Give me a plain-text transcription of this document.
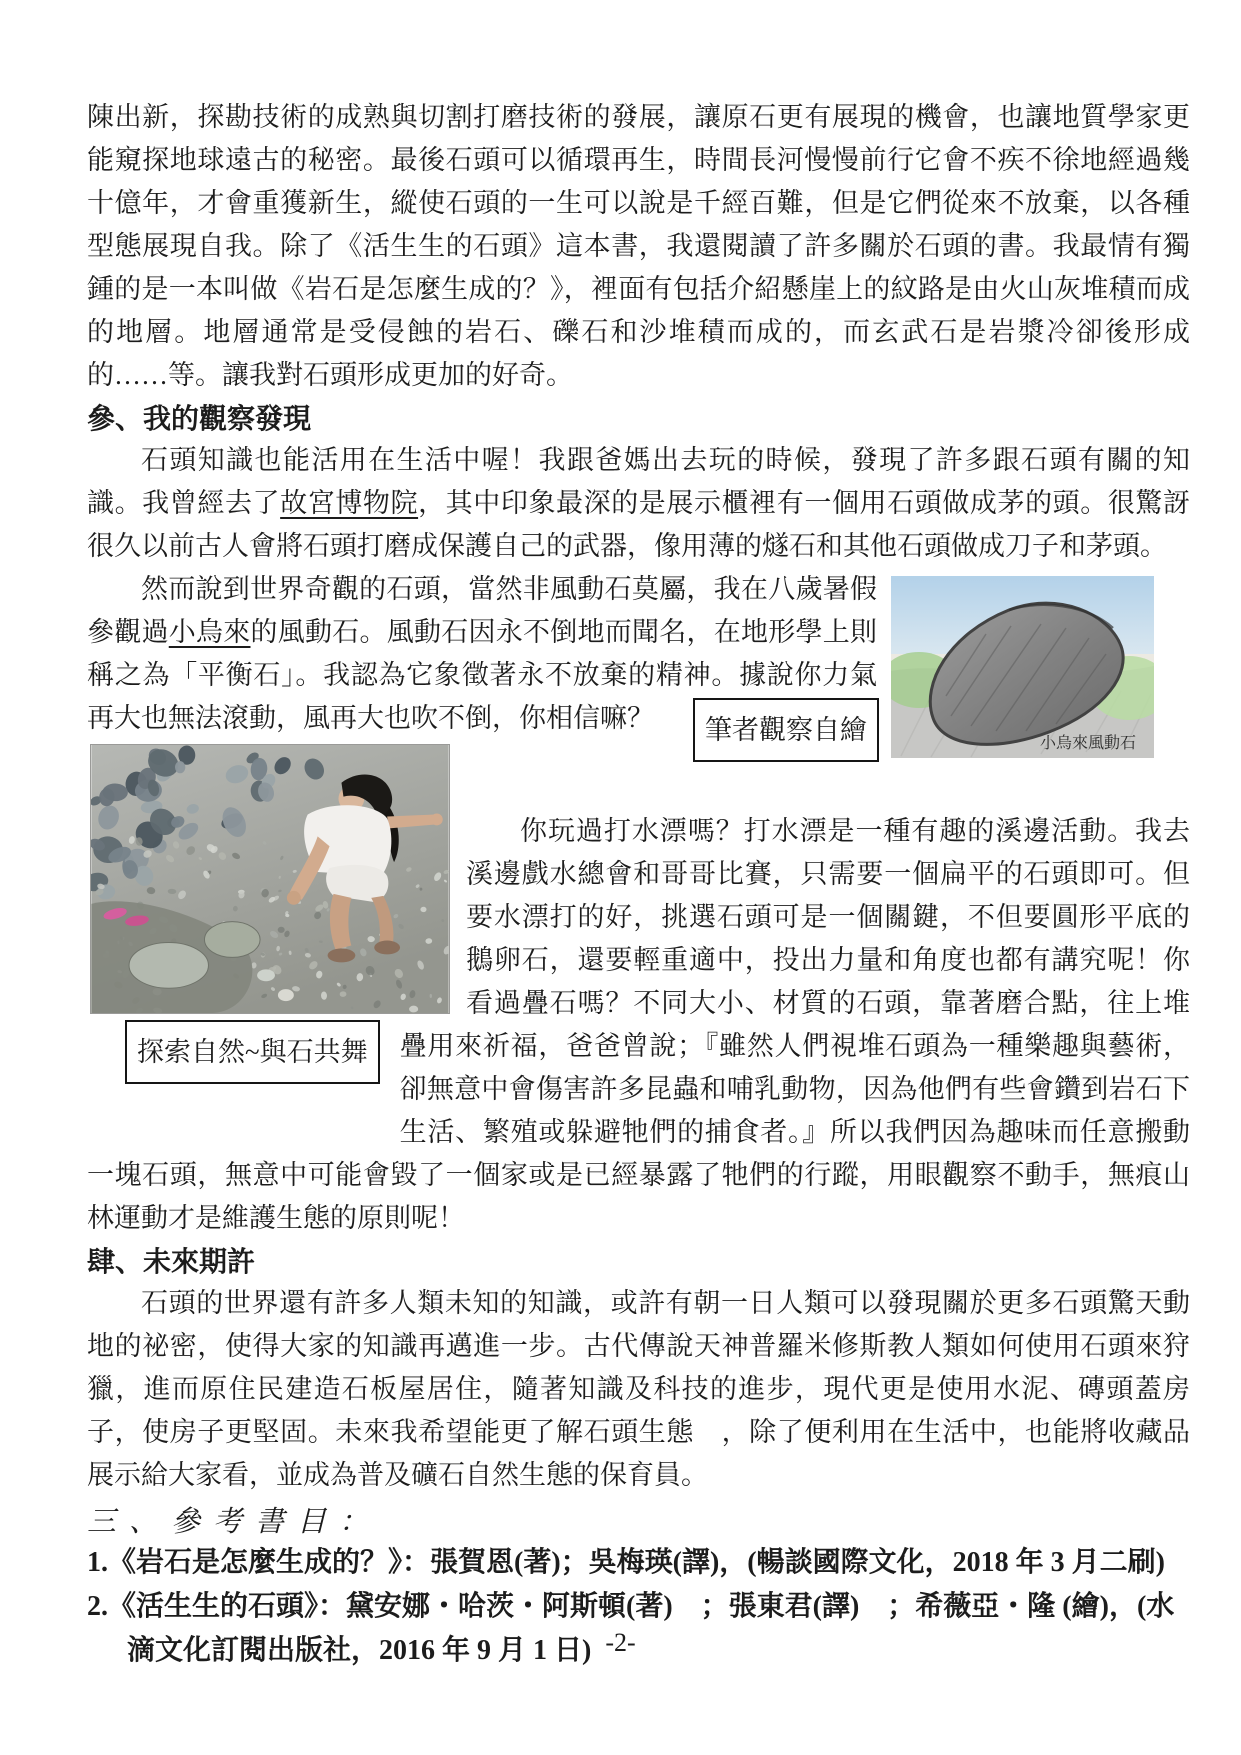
陳出新，探勘技術的成熟與切割打磨技術的發展，讓原石更有展現的機會，也讓地質學家更能窺探地球遠古的秘密。最後石頭可以循環再生，時間長河慢慢前行它會不疾不徐地經過幾十億年，才會重獲新生，縱使石頭的一生可以說是千經百難，但是它們從來不放棄，以各種型態展現自我。除了《活生生的石頭》這本書，我還閱讀了許多關於石頭的書。我最情有獨鍾的是一本叫做《岩石是怎麼生成的？》，裡面有包括介紹懸崖上的紋路是由火山灰堆積而成的地層。地層通常是受侵蝕的岩石、礫石和沙堆積而成的，而玄武石是岩漿冷卻後形成的……等。讓我對石頭形成更加的好奇。

參、我的觀察發現

石頭知識也能活用在生活中喔！我跟爸媽出去玩的時候，發現了許多跟石頭有關的知識。我曾經去了故宮博物院，其中印象最深的是展示櫃裡有一個用石頭做成茅的頭。很驚訝很久以前古人會將石頭打磨成保護自己的武器，像用薄的燧石和其他石頭做成刀子和茅頭。

小烏來風動石

然而說到世界奇觀的石頭，當然非風動石莫屬，我在八歲暑假參觀過小烏來的風動石。風動石因永不倒地而聞名，在地形學上則稱之為「平衡石」。我認為它象徵著永不放棄的精神。據說你力氣再大也無法滾動，風再大也吹不倒，你相信嘛？	筆者觀察自繪
探索自然~與石共舞

你玩過打水漂嗎？打水漂是一種有趣的溪邊活動。我去溪邊戲水總會和哥哥比賽，只需要一個扁平的石頭即可。但要水漂打的好，挑選石頭可是一個關鍵，不但要圓形平底的鵝卵石，還要輕重適中，投出力量和角度也都有講究呢！你看過疊石嗎？不同大小、材質的石頭，靠著磨合點，往上堆疊用來祈福，爸爸曾說；『雖然人們視堆石頭為一種樂趣與藝術，卻無意中會傷害許多昆蟲和哺乳動物，因為他們有些會鑽到岩石下生活、繁殖或躲避牠們的捕食者。』所以我們因為趣味而任意搬動一塊石頭，無意中可能會毀了一個家或是已經暴露了牠們的行蹤，用眼觀察不動手，無痕山林運動才是維護生態的原則呢！

肆、未來期許

石頭的世界還有許多人類未知的知識，或許有朝一日人類可以發現關於更多石頭驚天動地的祕密，使得大家的知識再邁進一步。古代傳說天神普羅米修斯教人類如何使用石頭來狩獵，進而原住民建造石板屋居住，隨著知識及科技的進步，現代更是使用水泥、磚頭蓋房子，使房子更堅固。未來我希望能更了解石頭生態　，除了便利用在生活中，也能將收藏品展示給大家看，並成為普及礦石自然生態的保育員。

三、參考書目：

1.《岩石是怎麼生成的？》：張賀恩(著)；吳梅瑛(譯)，(暢談國際文化，2018 年 3 月二刷)

2.《活生生的石頭》：黛安娜・哈茨・阿斯頓(著)　；張東君(譯)　；希薇亞・隆 (繪)，(水滴文化訂閱出版社，2016 年 9 月 1 日) -2-
